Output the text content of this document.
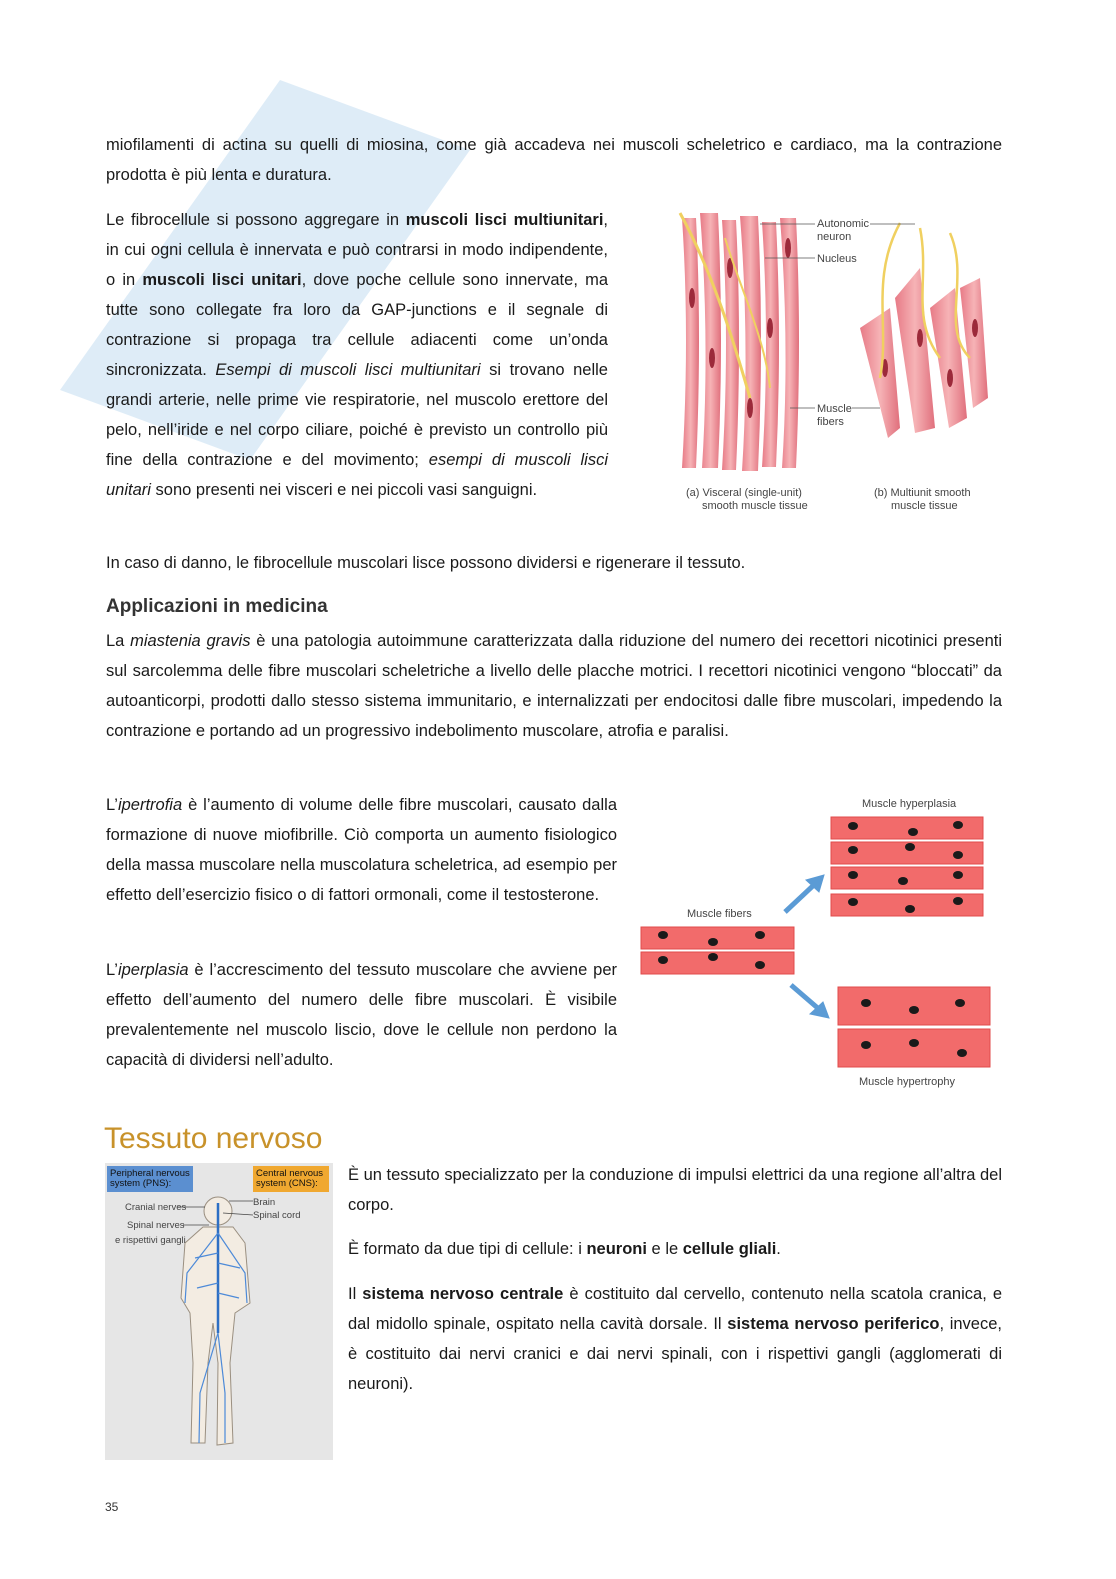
miofilamenti di actina su quelli di miosina, come già accadeva nei muscoli scheletrico e cardiaco, ma la contrazione prodotta è più lenta e duratura.

Le fibrocellule si possono aggregare in muscoli lisci multiunitari, in cui ogni cellula è innervata e può contrarsi in modo indipendente, o in muscoli lisci unitari, dove poche cellule sono innervate, ma tutte sono collegate fra loro da GAP-junctions e il segnale di contrazione si propaga tra cellule adiacenti come un’onda sincronizzata. Esempi di muscoli lisci multiunitari si trovano nelle grandi arterie, nelle prime vie respiratorie, nel muscolo erettore del pelo, nell’iride e nel corpo ciliare, poiché è previsto un controllo più fine della contrazione e del movimento; esempi di muscoli lisci unitari sono presenti nei visceri e nei piccoli vasi sanguigni.

Autonomic
neuron
Nucleus
Muscle
fibers
(a) Visceral (single-unit)
smooth muscle tissue
(b) Multiunit smooth
muscle tissue

In caso di danno, le fibrocellule muscolari lisce possono dividersi e rigenerare il tessuto.

Applicazioni in medicina

La miastenia gravis è una patologia autoimmune caratterizzata dalla riduzione del numero dei recettori nicotinici presenti sul sarcolemma delle fibre muscolari scheletriche a livello delle placche motrici. I recettori nicotinici vengono “bloccati” da autoanticorpi, prodotti dallo stesso sistema immunitario, e internalizzati per endocitosi dalle fibre muscolari, impedendo la contrazione e portando ad un progressivo indebolimento muscolare, atrofia e paralisi.

L’ipertrofia è l’aumento di volume delle fibre muscolari, causato dalla formazione di nuove miofibrille. Ciò comporta un aumento fisiologico della massa muscolare nella muscolatura scheletrica, ad esempio per effetto dell’esercizio fisico o di fattori ormonali, come il testosterone.

L’iperplasia è l’accrescimento del tessuto muscolare che avviene per effetto dell’aumento del numero delle fibre muscolari. È visibile prevalentemente nel muscolo liscio, dove le cellule non perdono la capacità di dividersi nell’adulto.

Muscle hyperplasia
Muscle fibers
Muscle hypertrophy
Tessuto nervoso
Peripheral nervous
system (PNS):
Central nervous
system (CNS):
Brain
Spinal cord
Cranial nerves
Spinal nerves
e rispettivi gangli

È un tessuto specializzato per la conduzione di impulsi elettrici da una regione all’altra del corpo.

È formato da due tipi di cellule: i neuroni e le cellule gliali.

Il sistema nervoso centrale è costituito dal cervello, contenuto nella scatola cranica, e dal midollo spinale, ospitato nella cavità dorsale. Il sistema nervoso periferico, invece, è costituito dai nervi cranici e dai nervi spinali, con i rispettivi gangli (agglomerati di neuroni).

35
